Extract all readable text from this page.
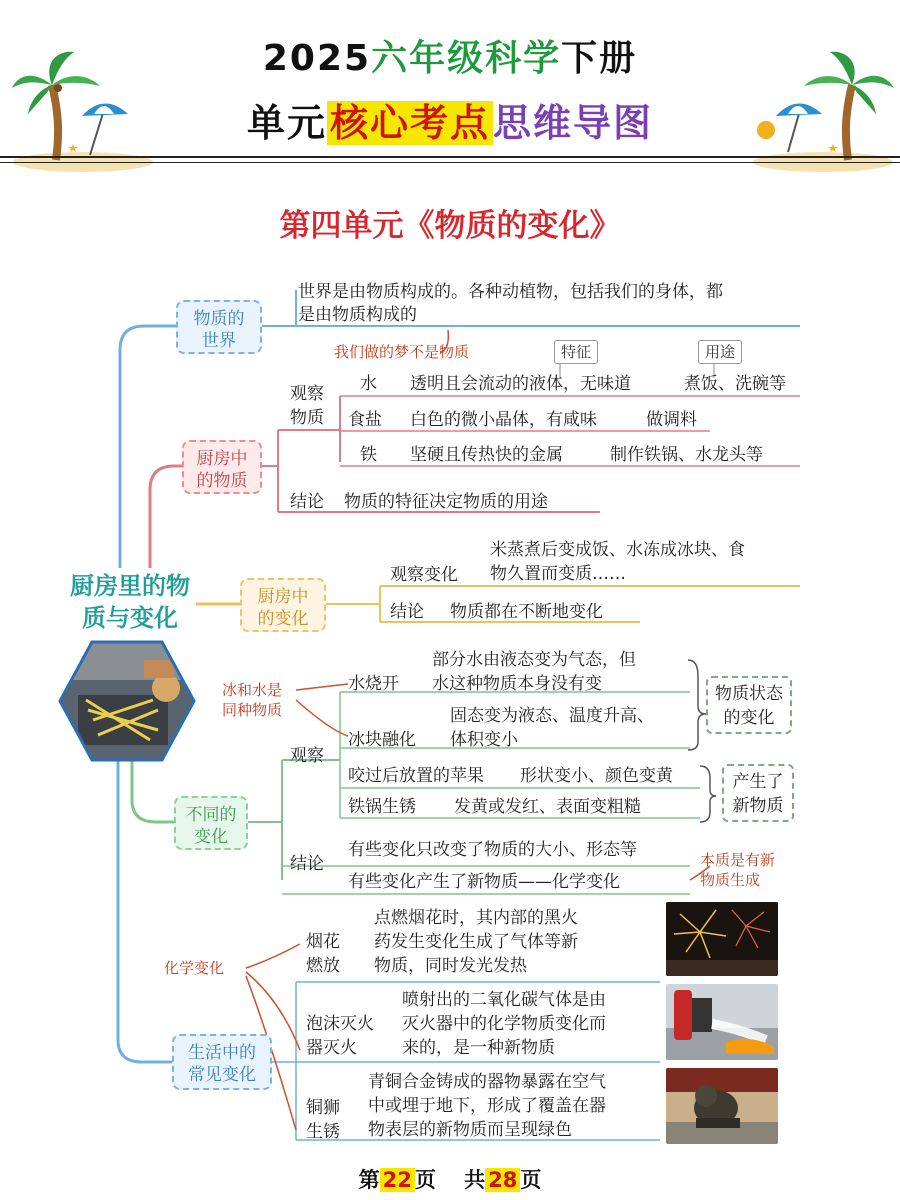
2025六年级科学下册
单元核心考点思维导图
第四单元《物质的变化》
厨房里的物
质与变化
物质的
世界
世界是由物质构成的。各种动植物，包括我们的身体，都
是由物质构成的
我们做的梦不是物质
厨房中
的物质
观察
物质
特征	用途
水 透明且会流动的液体，无味道	煮饭、洗碗等
食盐 白色的微小晶体，有咸味	做调料
铁 坚硬且传热快的金属	制作铁锅、水龙头等
结论 物质的特征决定物质的用途
厨房中
的变化
观察变化
米蒸煮后变成饭、水冻成冰块、食
物久置而变质……
结论 物质都在不断地变化
不同的
变化
观察
冰和水是
同种物质
水烧开
部分水由液态变为气态，但
水这种物质本身没有变
冰块融化
固态变为液态、温度升高、
体积变小
物质状态
的变化
咬过后放置的苹果 形状变小、颜色变黄
铁锅生锈 发黄或发红、表面变粗糙
产生了
新物质
结论
有些变化只改变了物质的大小、形态等
有些变化产生了新物质——化学变化
本质是有新
物质生成
生活中的
常见变化
化学变化
烟花
燃放
点燃烟花时，其内部的黑火
药发生变化生成了气体等新
物质，同时发光发热
泡沫灭火
器灭火
喷射出的二氧化碳气体是由
灭火器中的化学物质变化而
来的，是一种新物质
铜狮
生锈
青铜合金铸成的器物暴露在空气
中或埋于地下，形成了覆盖在器
物表层的新物质而呈现绿色
第 22 页　 共 28 页
